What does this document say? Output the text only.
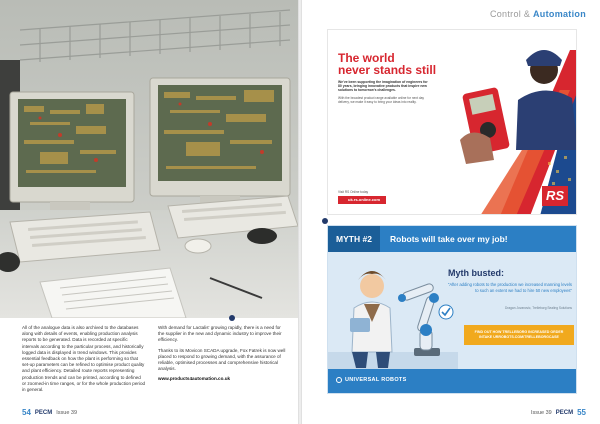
All of the analogue data is also archived to the databases along with details of events, enabling production analysis reports to be generated. Data is recorded at specific intervals according to the particular process, and historically logged data is displayed in trend windows. This provides essential feedback on how the plant is performing so that set-up parameters can be refined to optimise product quality and plant efficiency. Detailed route reports representing production trends and can be printed, according to defined or zoomed-in time ranges, or for the whole production period in general.

With demand for Lactalis' growing rapidly, there is a need for the supplier in the new and dynamic industry to improve their efficiency.

Thanks to its Movicon SCADA upgrade, Fox Fatrek is now well placed to respond to growing demand, with the assurance of reliable, optimised processes and comprehensive historical analysis.

www.products4automation.co.uk
54 PECM Issue 39
Control & Automation
The world
never stands still
We've been supporting the imagination of engineers for 80 years, bringing innovative products that inspire new solutions to tomorrow's challenges.
With the broadest product range available online for next day delivery, we make it easy to bring your ideas into reality.
Visit RS Online today
uk.rs-online.com	RS
MYTH #2	Robots will take over my job!
Myth busted:
"After adding robots to the production we increased manning levels to such an extent we had to hire 50 new employees"
Dragan Jovanovic, Trelleborg Sealing Solutions
FIND OUT HOW TRELLEBORG INCREASED ORDER INTAKE URROBOTS.COM/TRELLEBORGCASE
UNIVERSAL ROBOTS
Issue 39 PECM 55
